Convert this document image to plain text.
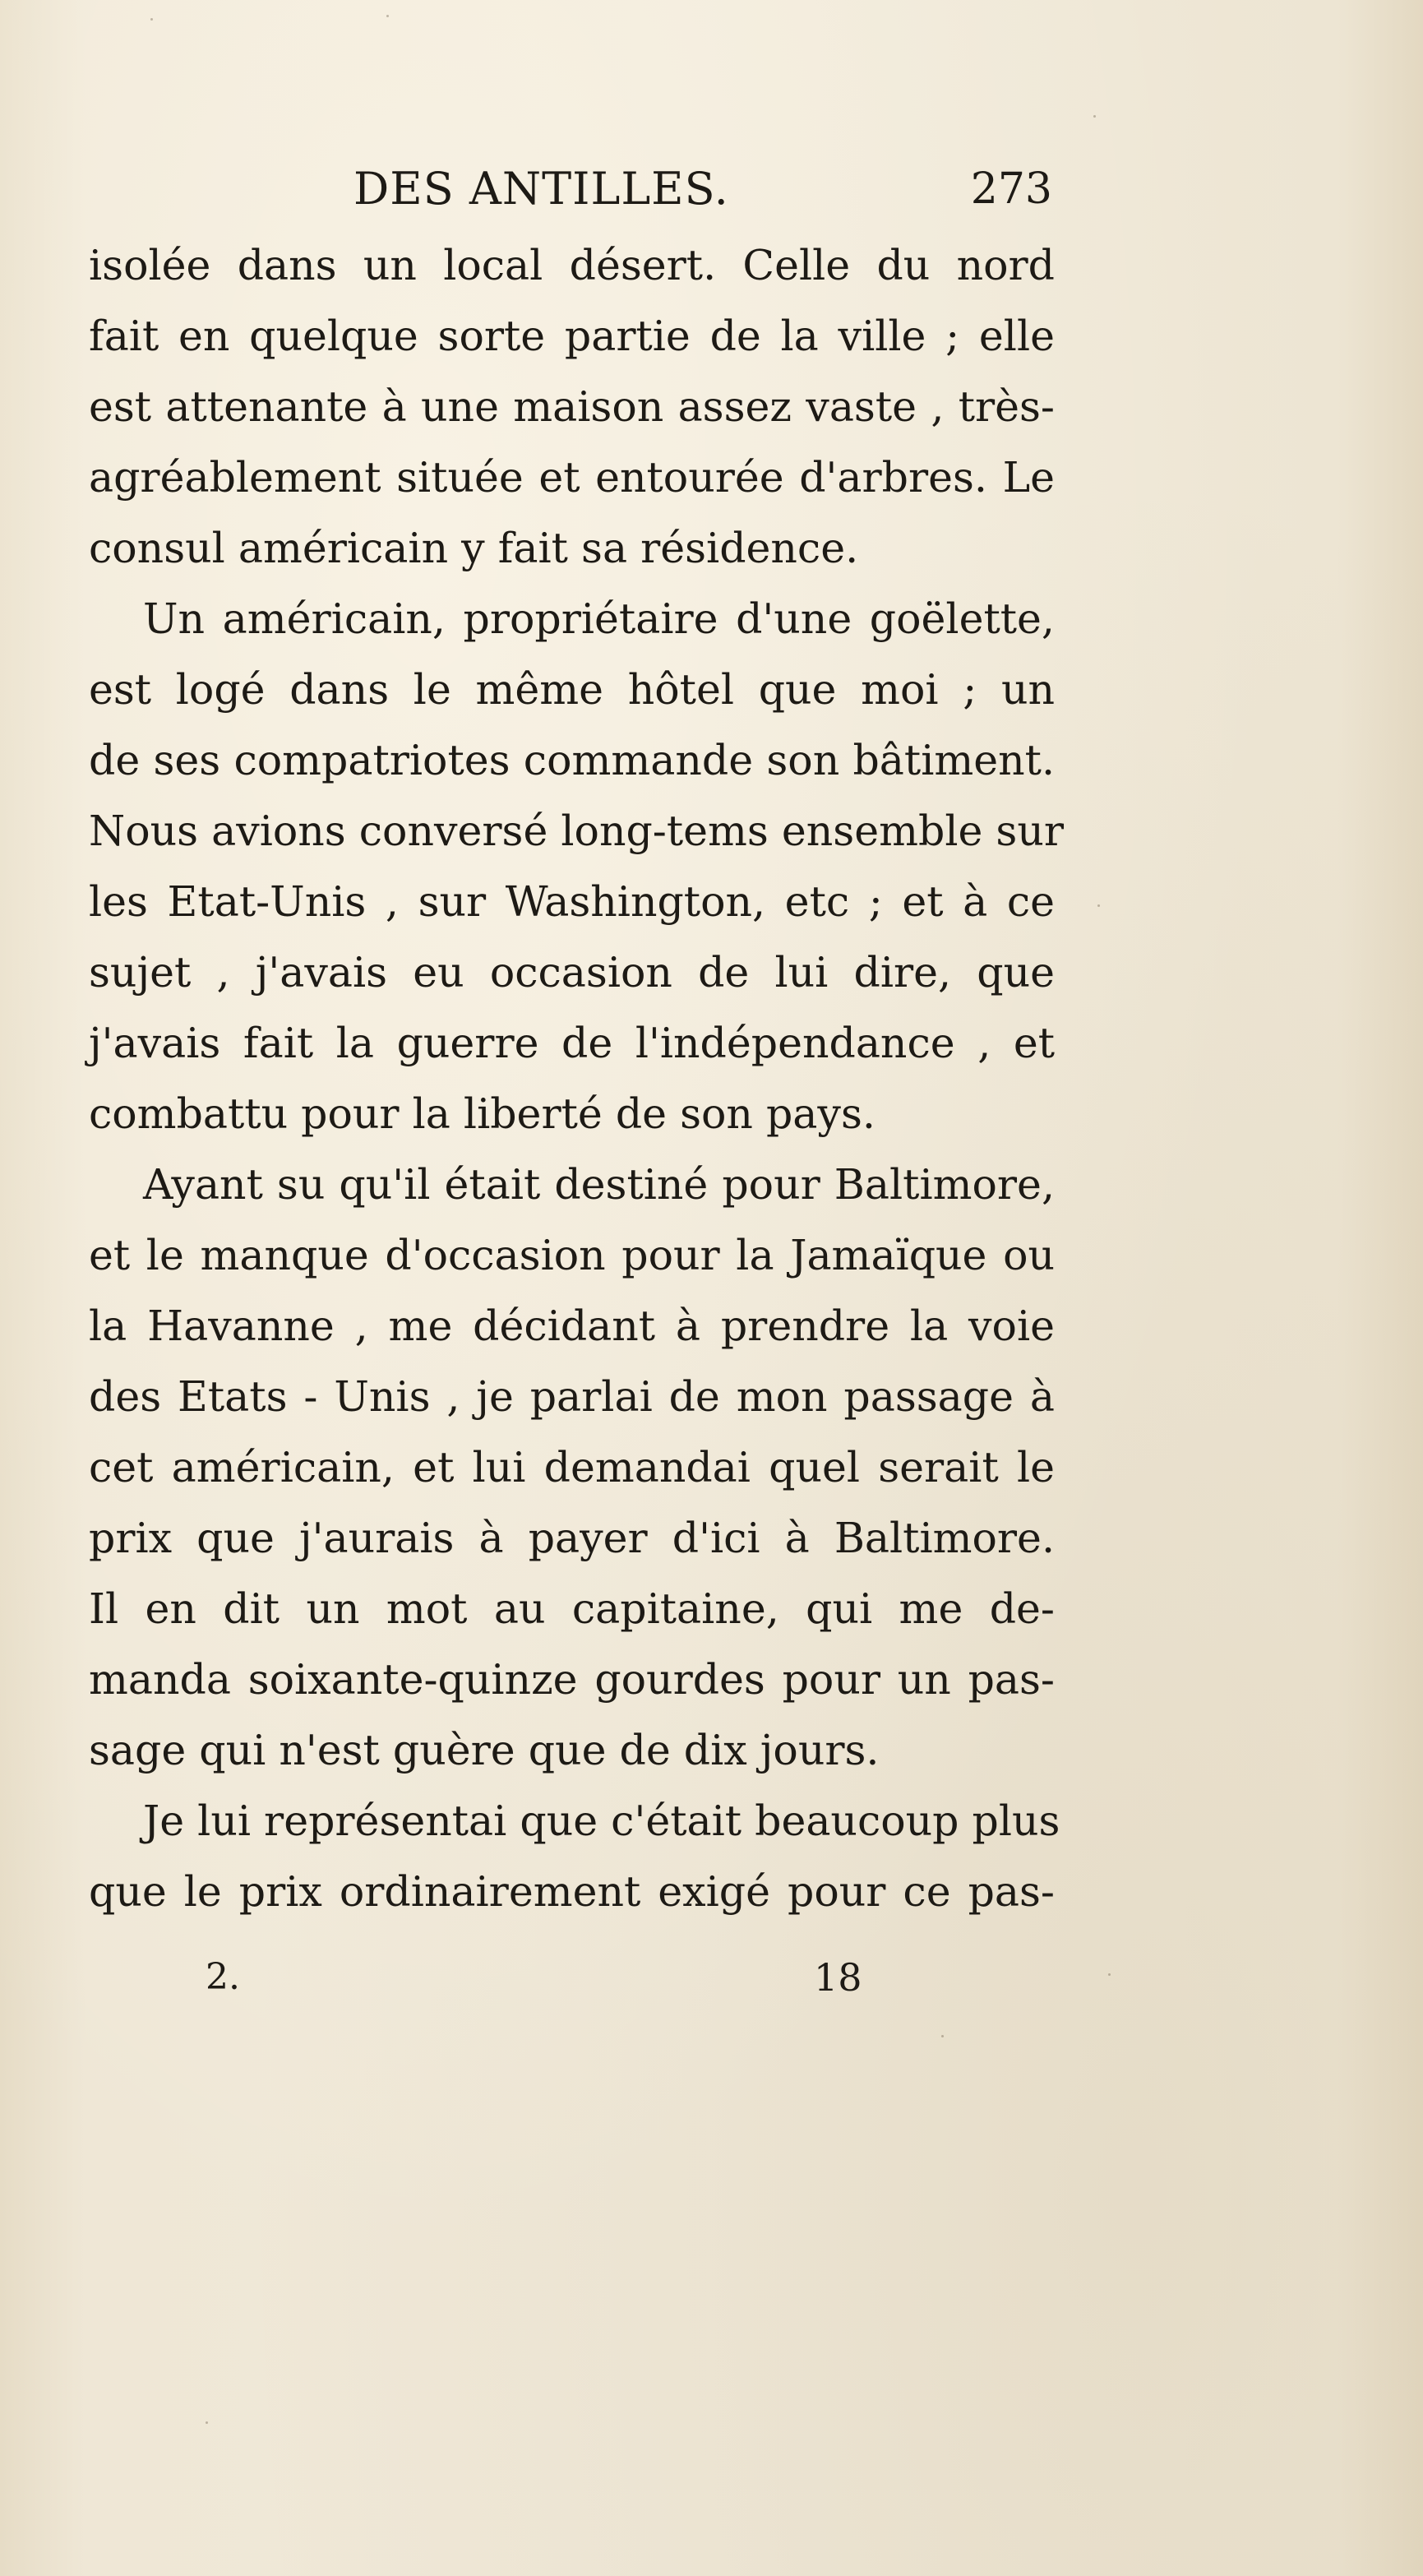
DES ANTILLES.	273
isolée dans un local désert. Celle du nord
fait en quelque sorte partie de la ville ; elle
est attenante à une maison assez vaste , très-
agréablement située et entourée d'arbres. Le
consul américain y fait sa résidence.
Un américain, propriétaire d'une goëlette,
est logé dans le même hôtel que moi ; un
de ses compatriotes commande son bâtiment.
Nous avions conversé long-tems ensemble sur
les Etat-Unis , sur Washington, etc ; et à ce
sujet , j'avais eu occasion de lui dire, que
j'avais fait la guerre de l'indépendance , et
combattu pour la liberté de son pays.
Ayant su qu'il était destiné pour Baltimore,
et le manque d'occasion pour la Jamaïque ou
la Havanne , me décidant à prendre la voie
des Etats - Unis , je parlai de mon passage à
cet américain, et lui demandai quel serait le
prix que j'aurais à payer d'ici à Baltimore.
Il en dit un mot au capitaine, qui me de-
manda soixante-quinze gourdes pour un pas-
sage qui n'est guère que de dix jours.
Je lui représentai que c'était beaucoup plus
que le prix ordinairement exigé pour ce pas-
2.	18
